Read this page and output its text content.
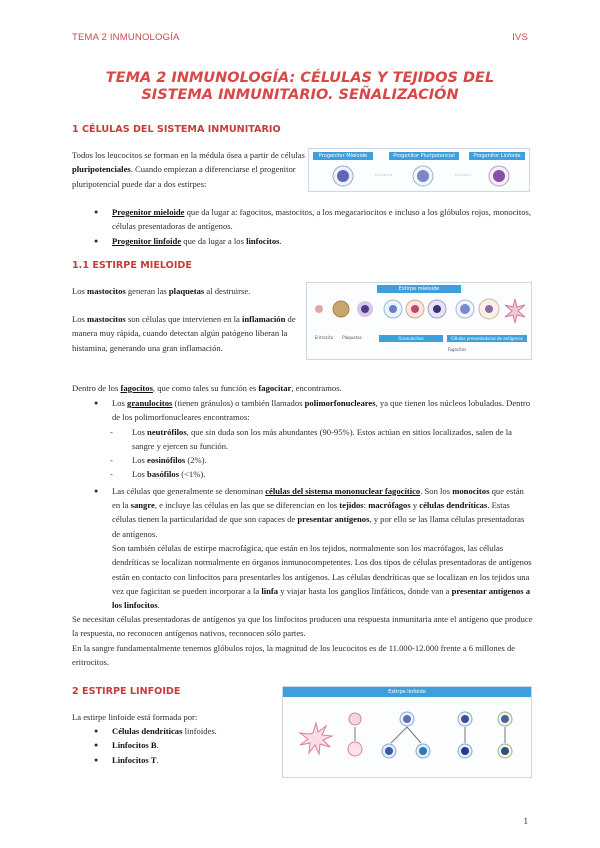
TEMA 2 INMUNOLOGÍA	IVS
TEMA 2 INMUNOLOGÍA: CÉLULAS Y TEJIDOS DEL
SISTEMA INMUNITARIO. SEÑALIZACIÓN
1 CÉLULAS DEL SISTEMA INMUNITARIO
Todos los leucocitos se forman en la médula ósea a partir de células pluripotenciales. Cuando empiezan a diferenciarse el progenitor pluripotencial puede dar a dos estirpes:
Progenitor Mieloide	Progenitor Pluripotencial	Progenitor Linfoide
● Progenitor mieloide que da lugar a: fagocitos, mastocitos, a los megacariocitos e incluso a los glóbulos rojos, monocitos, células presentadoras de antígenos.
● Progenitor linfoide que da lugar a los linfocitos.
1.1 ESTIRPE MIELOIDE
Los mastocitos generan las plaquetas al destruirse.
Los mastocitos son células que intervienen en la inflamación de manera muy rápida, cuando detectan algún patógeno liberan la histamina, generando una gran inflamación.
Estirpe mieloide
Granulocitos	Células presentadoras de antígenos
Fagocitos
Eritrocito	Plaquetas
Dentro de los fagocitos, que como tales su función es fagocitar, encontramos.
● Los granulocitos (tienen gránulos) o también llamados polimorfonucleares, ya que tienen los núcleos lobulados. Dentro de los polimorfonucleares encontramos:
- Los neutrófilos, que sin duda son los más abundantes (90-95%). Estos actúan en sitios localizados, salen de la sangre y ejercen su función.
- Los eosinófilos (2%).
- Los basófilos (<1%).
● Las células que generalmente se denominan células del sistema mononuclear fagocítico. Son los monocitos que están en la sangre, e incluye las células en las que se diferencian en los tejidos: macrófagos y células dendríticas. Estas células tienen la particularidad de que son capaces de presentar antígenos, y por ello se las llama células presentadoras de antígenos.
Son también células de estirpe macrofágica, que están en los tejidos, normalmente son los macrófagos, las células dendríticas se localizan normalmente en órganos inmunocompetentes. Los dos tipos de células presentadoras de antígenos están en contacto con linfocitos para presentarles los antígenos. Las células dendríticas que se localizan en los tejidos una vez que fagicitan se pueden incorporar a la linfa y viajar hasta los ganglios linfáticos, donde van a presentar antígenos a los linfocitos.
Se necesitan células presentadoras de antígenos ya que los linfocitos producen una respuesta inmunitaria ante el antígeno que produce la respuesta, no reconocen antígenos nativos, reconocen sólo partes.
En la sangre fundamentalmente tenemos glóbulos rojos, la magnitud de los leucocitos es de 11.000-12.000 frente a 6 millones de eritrocitos.
2 ESTIRPE LINFOIDE
La estirpe linfoide está formada por:
● Células dendríticas linfoides.
● Linfocitos B.
● Linfocitos T.
Estirpe linfoide
1
